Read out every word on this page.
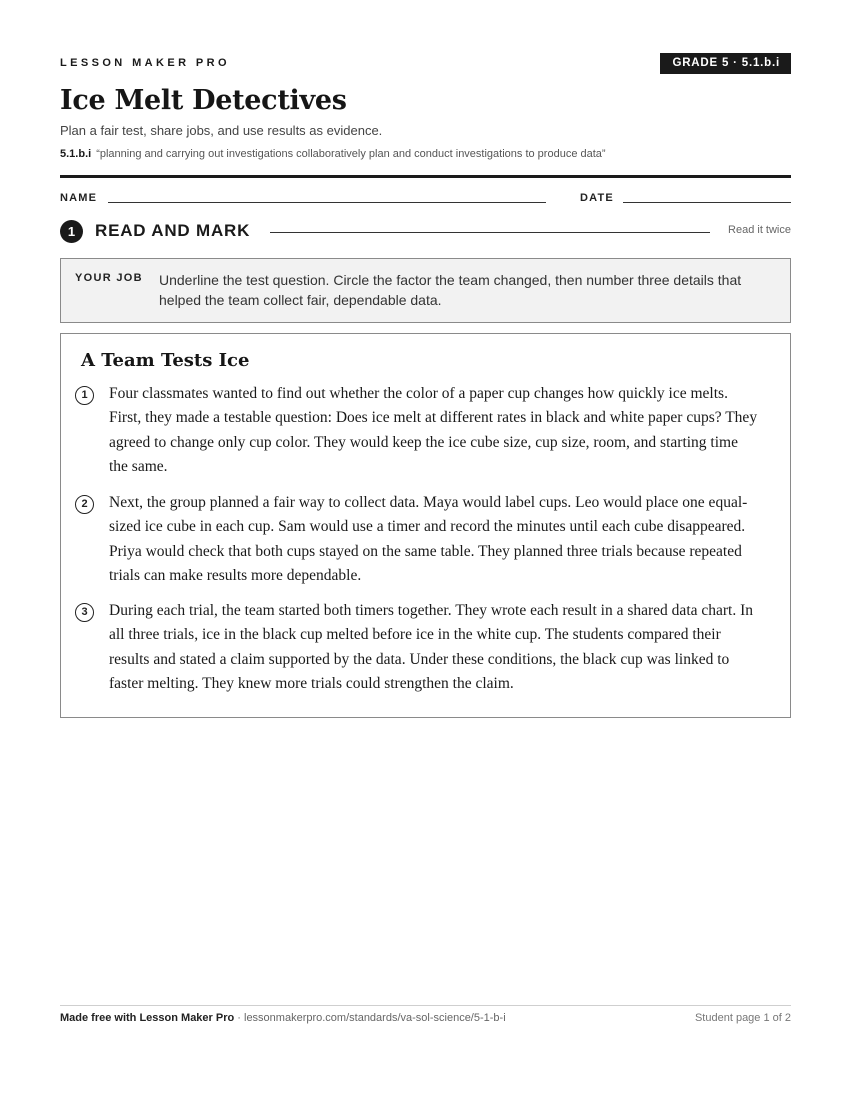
LESSON MAKER PRO	GRADE 5 · 5.1.b.i
Ice Melt Detectives
Plan a fair test, share jobs, and use results as evidence.
5.1.b.i “planning and carrying out investigations collaboratively plan and conduct investigations to produce data”
NAME	DATE
1	READ AND MARK	Read it twice
YOUR JOB Underline the test question. Circle the factor the team changed, then number three details that helped the team collect fair, dependable data.
A Team Tests Ice
1	Four classmates wanted to find out whether the color of a paper cup changes how quickly ice melts. First, they made a testable question: Does ice melt at different rates in black and white paper cups? They agreed to change only cup color. They would keep the ice cube size, cup size, room, and starting time the same.
2	Next, the group planned a fair way to collect data. Maya would label cups. Leo would place one equal-sized ice cube in each cup. Sam would use a timer and record the minutes until each cube disappeared. Priya would check that both cups stayed on the same table. They planned three trials because repeated trials can make results more dependable.
3	During each trial, the team started both timers together. They wrote each result in a shared data chart. In all three trials, ice in the black cup melted before ice in the white cup. The students compared their results and stated a claim supported by the data. Under these conditions, the black cup was linked to faster melting. They knew more trials could strengthen the claim.
Made free with Lesson Maker Pro · lessonmakerpro.com/standards/va-sol-science/5-1-b-i	Student page 1 of 2
